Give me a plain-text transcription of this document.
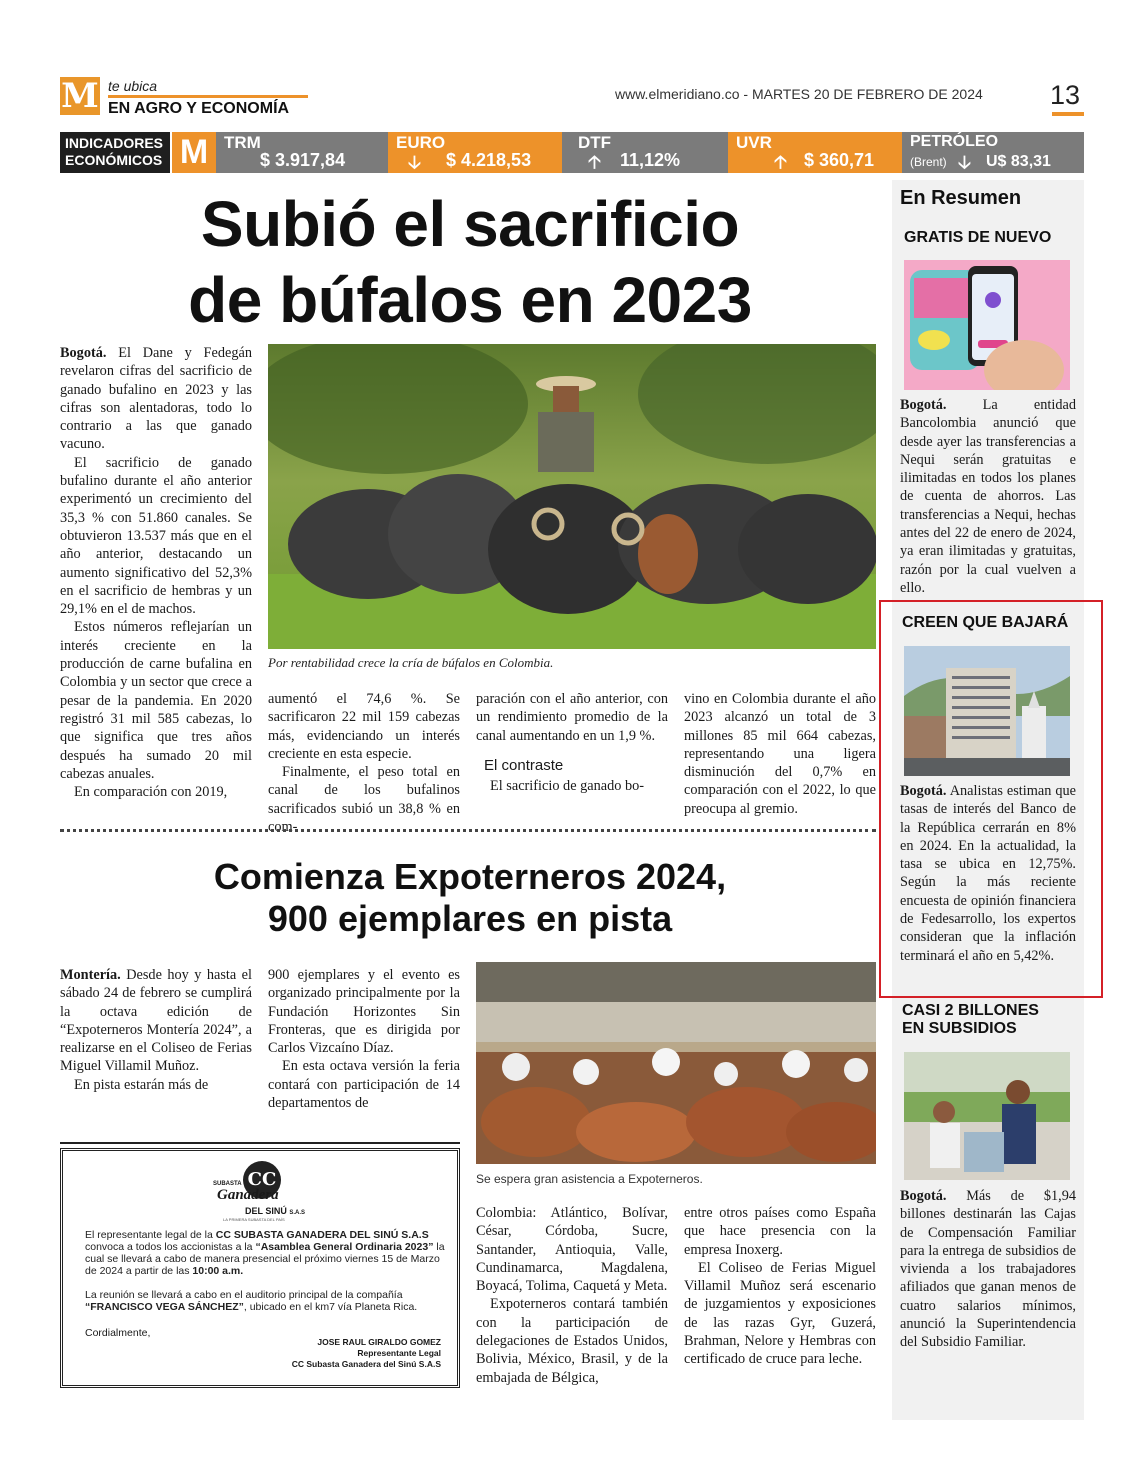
M te ubica
EN AGRO Y ECONOMÍA
www.elmeridiano.co - MARTES 20 DE FEBRERO DE 2024 13
INDICADORES
ECONÓMICOS M TRM
$ 3.917,84
EURO
🡣 $ 4.218,53
DTF
🡡 11,12%
UVR
🡡 $ 360,71
PETRÓLEO
(Brent) 🡣 U$ 83,31
Subió el sacrificio
de búfalos en 2023
Por rentabilidad crece la cría de búfalos en Colombia.

Bogotá. El Dane y Fedegán revelaron cifras del sacrificio de ganado bufalino en 2023 y las cifras son alentadoras, todo lo contrario a las que ganado vacuno.

El sacrificio de ganado bufalino durante el año anterior experimentó un crecimiento del 35,3 % con 51.860 canales. Se obtuvieron 13.537 más que en el año anterior, destacando un aumento significativo del 52,3% en el sacrificio de hembras y un 29,1% en el de machos.

Estos números reflejarían un interés creciente en la producción de carne bufalina en Colombia y un sector que crece a pesar de la pandemia. En 2020 registró 31 mil 585 cabezas, lo que significa que tres años después ha sumado 20 mil cabezas anuales.

En comparación con 2019,

aumentó el 74,6 %. Se sacrificaron 22 mil 159 cabezas más, evidenciando un interés creciente en esta especie.

Finalmente, el peso total en canal de los bufalinos sacrificados subió un 38,8 % en com-

paración con el año anterior, con un rendimiento promedio de la canal aumentando en un 1,9 %.

El contraste

El sacrificio de ganado bo-

vino en Colombia durante el año 2023 alcanzó un total de 3 millones 85 mil 664 cabezas, representando una ligera disminución del 0,7% en comparación con el 2022, lo que preocupa al gremio.

Comienza Expoterneros 2024,
900 ejemplares en pista

Montería. Desde hoy y hasta el sábado 24 de febrero se cumplirá la octava edición de “Expoterneros Montería 2024”, a realizarse en el Coliseo de Ferias Miguel Villamil Muñoz.

En pista estarán más de

900 ejemplares y el evento es organizado principalmente por la Fundación Horizontes Sin Fronteras, que es dirigida por Carlos Vizcaíno Díaz.

En esta octava versión la feria contará con participación de 14 departamentos de

Se espera gran asistencia a Expoterneros.

Colombia: Atlántico, Bolívar, César, Córdoba, Sucre, Santander, Antioquia, Valle, Cundinamarca, Magdalena, Boyacá, Tolima, Caquetá y Meta.

Expoterneros contará también con la participación de delegaciones de Estados Unidos, Bolivia, México, Brasil, y de la embajada de Bélgica,

entre otros países como España que hace presencia con la empresa Inoxerg.

El Coliseo de Ferias Miguel Villamil Muñoz será escenario de juzgamientos y exposiciones de las razas Gyr, Guzerá, Brahman, Nelore y Hembras con certificado de cruce para leche.

CC
SUBASTA
Ganadera
DEL SINÚ S.A.S
LA PRIMERA SUBASTA DEL PAÍS
El representante legal de la CC SUBASTA GANADERA DEL SINÚ S.A.S convoca a todos los accionistas a la “Asamblea General Ordinaria 2023” la cual se llevará a cabo de manera presencial el próximo viernes 15 de Marzo de 2024 a partir de las 10:00 a.m.
La reunión se llevará a cabo en el auditorio principal de la compañía “FRANCISCO VEGA SÁNCHEZ”, ubicado en el km7 vía Planeta Rica.
Cordialmente,
JOSE RAUL GIRALDO GOMEZ
Representante Legal
CC Subasta Ganadera del Sinú S.A.S
En Resumen
GRATIS DE NUEVO

Bogotá.	La entidad Bancolombia anunció que desde ayer las transferencias a Nequi serán gratuitas e ilimitadas en todos los planes de cuenta de ahorros. Las transferencias a Nequi, hechas antes del 22 de enero de 2024, ya eran ilimitadas y gratuitas, razón por la cual vuelven a ello.

CREEN QUE BAJARÁ

Bogotá. Analistas estiman que tasas de interés del Banco de la República cerrarán en 8% en 2024. En la actualidad, la tasa se ubica en 12,75%. Según la más reciente encuesta de opinión financiera de Fedesarrollo, los expertos consideran que la inflación terminará el año en 5,42%.

CASI 2 BILLONES
EN SUBSIDIOS

Bogotá. Más de $1,94 billones destinarán las Cajas de Compensación Familiar para la entrega de subsidios de vivienda a los trabajadores afiliados que ganan menos de cuatro salarios mínimos, anunció la Superintendencia del Subsidio Familiar.
